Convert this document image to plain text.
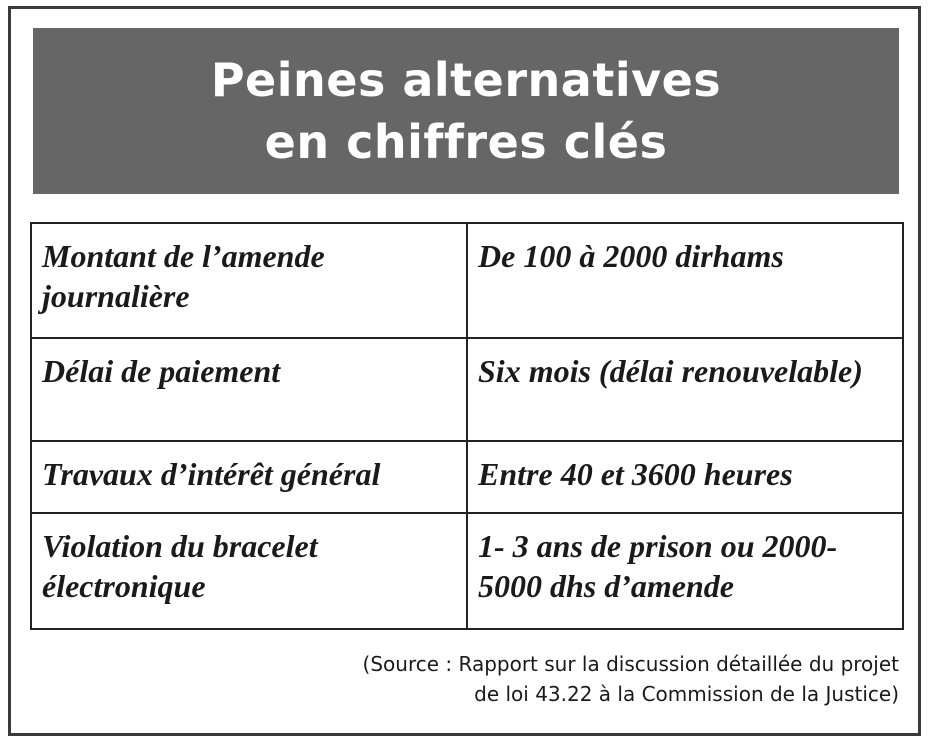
Peines alternatives
en chiffres clés
Montant de l’amende journalière	De 100 à 2000 dirhams
Délai de paiement	Six mois (délai renouvelable)
Travaux d’intérêt général	Entre 40 et 3600 heures
Violation du bracelet électronique	1- 3 ans de prison ou 2000-5000 dhs d’amende
(Source : Rapport sur la discussion détaillée du projet
de loi 43.22 à la Commission de la Justice)
